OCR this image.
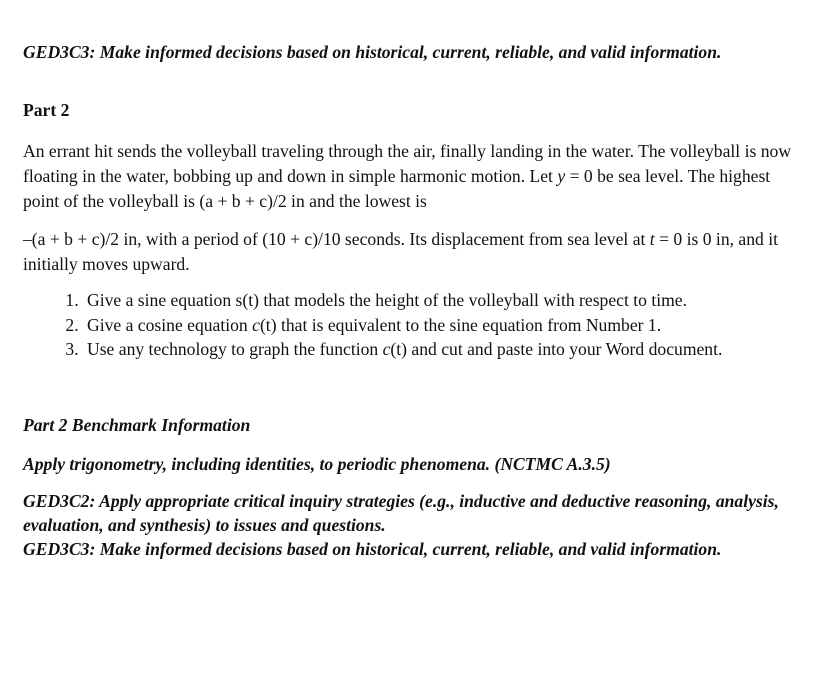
GED3C3: Make informed decisions based on historical, current, reliable, and valid information.

Part 2

An errant hit sends the volleyball traveling through the air, finally landing in the water. The volleyball is now floating in the water, bobbing up and down in simple harmonic motion. Let y = 0 be sea level. The highest point of the volleyball is (a + b + c)/2 in and the lowest is

–(a + b + c)/2 in, with a period of (10 + c)/10 seconds. Its displacement from sea level at t = 0 is 0 in, and it initially moves upward.

1. Give a sine equation s(t) that models the height of the volleyball with respect to time.
2. Give a cosine equation c(t) that is equivalent to the sine equation from Number 1.
3. Use any technology to graph the function c(t) and cut and paste into your Word document.

Part 2 Benchmark Information

Apply trigonometry, including identities, to periodic phenomena. (NCTMC A.3.5)

GED3C2: Apply appropriate critical inquiry strategies (e.g., inductive and deductive reasoning, analysis, evaluation, and synthesis) to issues and questions.

GED3C3: Make informed decisions based on historical, current, reliable, and valid information.
